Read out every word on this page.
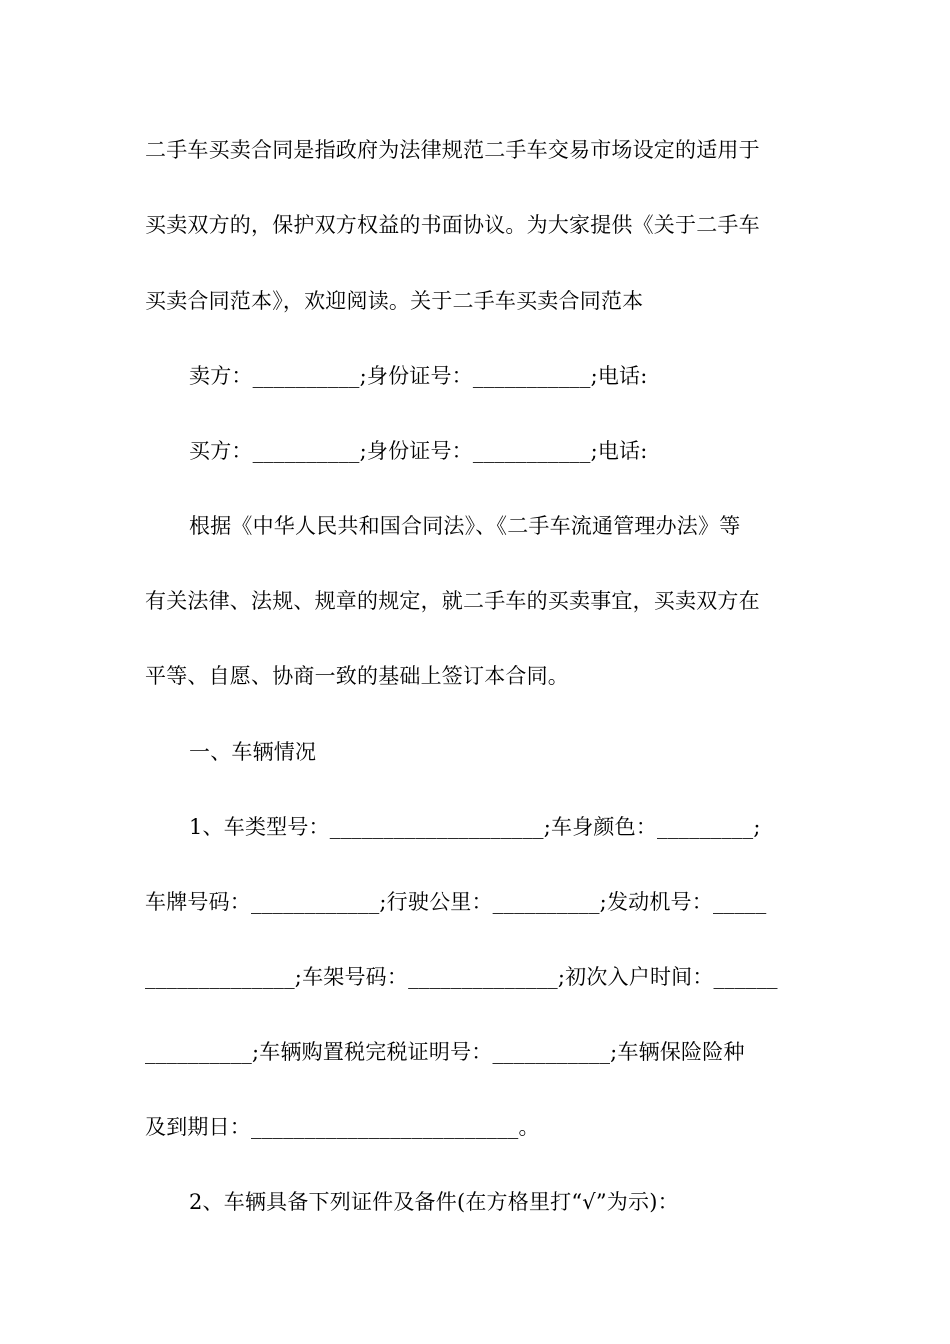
二手车买卖合同是指政府为法律规范二手车交易市场设定的适用于
买卖双方的，保护双方权益的书面协议。为大家提供《关于二手车
买卖合同范本》，欢迎阅读。关于二手车买卖合同范本
卖方：__________;身份证号：___________;电话:
买方：__________;身份证号：___________;电话:
根据《中华人民共和国合同法》、《二手车流通管理办法》等
有关法律、法规、规章的规定，就二手车的买卖事宜，买卖双方在
平等、自愿、协商一致的基础上签订本合同。
一、车辆情况
1、车类型号：____________________;车身颜色：_________;
车牌号码：____________;行驶公里：__________;发动机号：_____
______________;车架号码：______________;初次入户时间：______
__________;车辆购置税完税证明号：___________;车辆保险险种
及到期日：_________________________。
2、车辆具备下列证件及备件(在方格里打“√”为示)：
